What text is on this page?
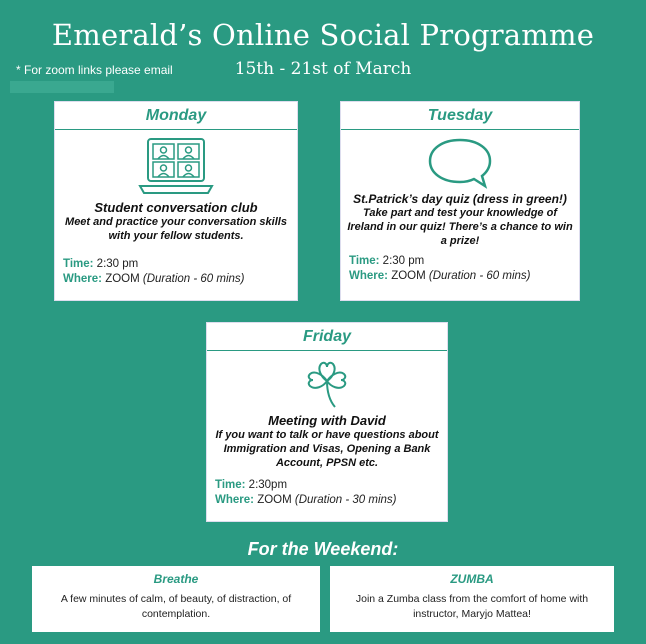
Emerald’s Online Social Programme
* For zoom links please email	15th - 21st of March
Monday
Student conversation club
Meet and practice your conversation skills with your fellow students.
Time: 2:30 pm
Where: ZOOM (Duration - 60 mins)
Tuesday
St.Patrick’s day quiz (dress in green!)
Take part and test your knowledge of Ireland in our quiz! There’s a chance to win a prize!
Time: 2:30 pm
Where: ZOOM (Duration - 60 mins)
Friday
Meeting with David
If you want to talk or have questions about Immigration and Visas, Opening a Bank Account, PPSN etc.
Time: 2:30pm
Where: ZOOM (Duration - 30 mins)
For the Weekend:
Breathe
A few minutes of calm, of beauty, of distraction, of contemplation.
ZUMBA
Join a Zumba class from the comfort of home with instructor, Maryjo Mattea!
